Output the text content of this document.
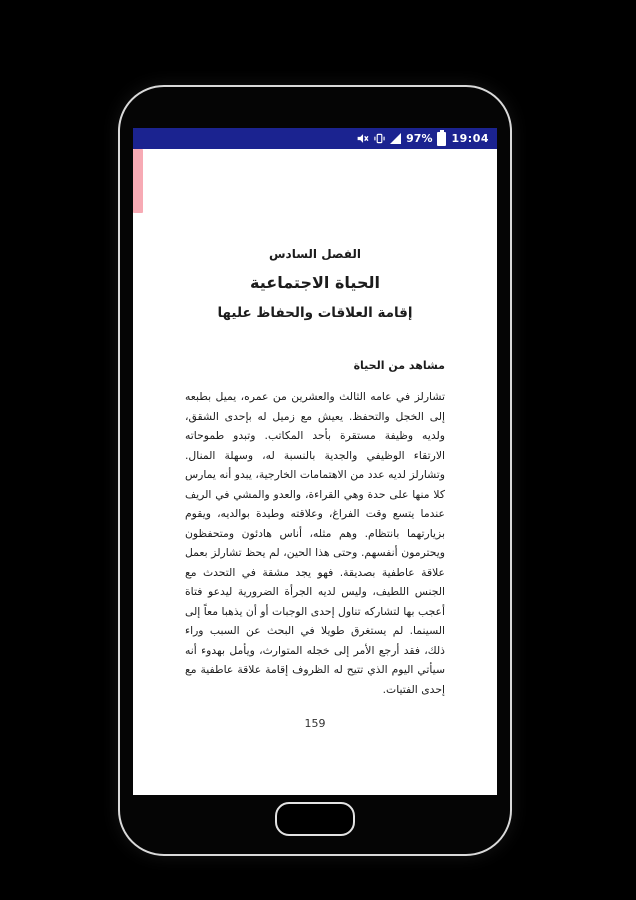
97% 19:04
الفصل السادس
الحياة الاجتماعية
إقامة العلاقات والحفاظ عليها
مشاهد من الحياة

تشارلز في عامه الثالث والعشرين من عمره، يميل بطبعه إلى الخجل والتحفظ. يعيش مع زميل له بإحدى الشقق، ولديه وظيفة مستقرة بأحد المكاتب. وتبدو طموحاته الارتقاء الوظيفي والجدية بالنسبة له، وسهلة المنال. وتشارلز لديه عدد من الاهتمامات الخارجية، يبدو أنه يمارس كلا منها على حدة وهي القراءة، والعدو والمشي في الريف عندما يتسع وقت الفراغ، وعلاقته وطيدة بوالديه، ويقوم بزيارتهما بانتظام. وهم مثله، أناس هادئون ومتحفظون ويحترمون أنفسهم. وحتى هذا الحين، لم يحظ تشارلز بعمل علاقة عاطفية بصديقة. فهو يجد مشقة في التحدث مع الجنس اللطيف، وليس لديه الجرأة الضرورية ليدعو فتاة أعجب بها لتشاركه تناول إحدى الوجبات أو أن يذهبا معاً إلى السينما. لم يستغرق طويلا في البحث عن السبب وراء ذلك، فقد أرجع الأمر إلى خجله المتوارث، ويأمل بهدوء أنه سيأتي اليوم الذي تتيح له الظروف إقامة علاقة عاطفية مع إحدى الفتيات.

159
